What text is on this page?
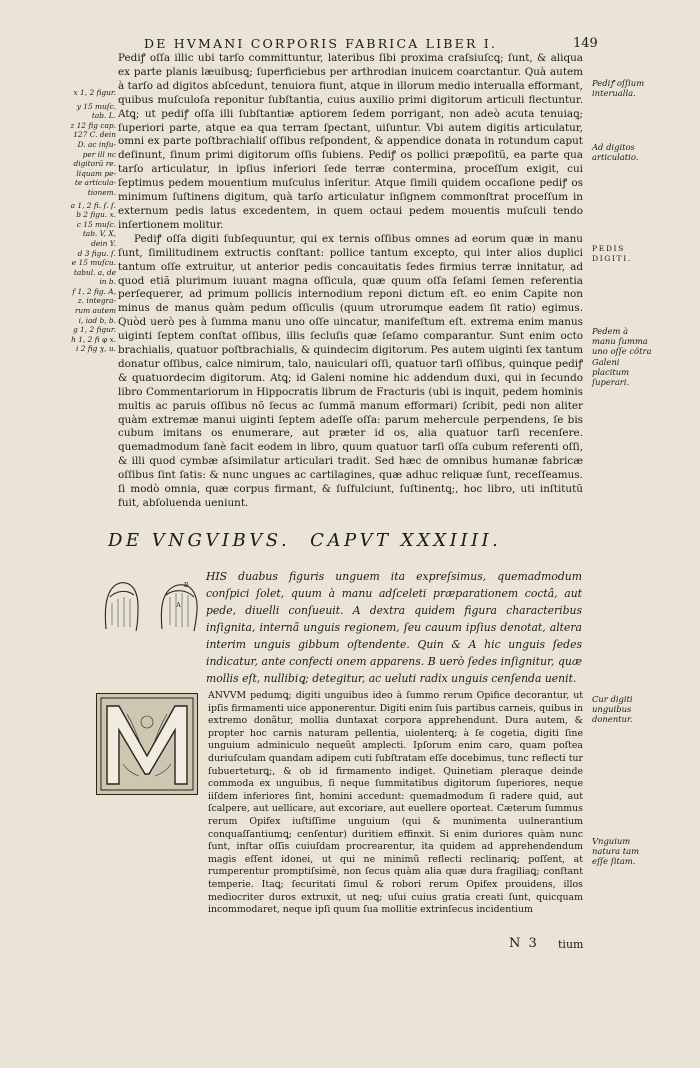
DE HVMANI CORPORIS FABRICA LIBER I.	149
x 1, 2 figur.
y 15 muſc.
tab. L.
z 12 fig cap.
127 C. dein
D. ac inſu-
per ill nc
digitorū re.
liquam pe-
te articula-
tionem.
a 1, 2 fi. ſ. ſ.
b 2 figu. x.
c 15 muſc.
tab. V, X,
dein Y.
d 3 figu. ſ.
e 15 muſcu.
tabul. a, de
in b.
f 1, 2 fig. A,
z. integra-
rum autem
i, iad b, b.
g 1, 2 figur.
h 1, 2 fi φ x.
i 2 fig ɣ, u.
Pediꝭ oſſium interualla.
Ad digitos articulatio.
PEDIS DIGITI.
Pedem à manu ſumma uno oſſe cõtra Galeni placitum ſuperari.
Cur digiti unguibus donentur.
Vnguium natura tam eſſe ſitam.

Pediꝭ oſſa illic ubi tarſo committuntur, lateribus ſibi proxima craſsiuſcꝗ; ſunt, & aliqua ex parte planis læuibusꝗ; ſuperficiebus per arthrodian inuicem coarctantur. Quà autem à tarſo ad digitos abſcedunt, tenuiora fiunt, atque in illorum medio interualla efformant, quibus muſculoſa reponitur ſubſtantia, cuius auxilio primi digitorum articuli flectuntur. Atꝗ; ut pediꝭ oſſa illi ſubſtantiæ aptiorem ſedem porrigant, non adeò acuta tenuiaꝗ; ſuperiori parte, atque ea qua terram ſpectant, uiſuntur. Vbi autem digitis articulatur, omni ex parte poſtbrachialiſ oſſibus reſpondent, & appendice donata in rotundum caput deſinunt, ſinum primi digitorum oſſis ſubiens. Pediꝭ os pollici præpoſitũ, ea parte qua tarſo articulatur, in ipſius inferiori ſede terræ contermina, proceſſum exigit, cui ſeptimus pedem mouentium muſculus inſeritur. Atque ſimili quidem occaſione pediꝭ os minimum ſuſtinens digitum, quà tarſo articulatur inſignem commonſtrat proceſſum in externum pedis latus excedentem, in quem octaui pedem mouentis muſculi tendo inſertionem molitur.

Pediꝭ oſſa digiti ſubſequuntur, qui ex ternis oſſibus omnes ad eorum quæ in manu ſunt, ſimilitudinem extructis conſtant: pollice tantum excepto, qui inter alios duplici tantum oſſe extruitur, ut anterior pedis concauitatis ſedes firmius terræ innitatur, ad quod etiã plurimum iuuant magna oſſicula, quæ quum oſſa ſeſami ſemen referentia perſequerer, ad primum pollicis internodium reponi dictum eſt. eo enim Capite non minus de manus quàm pedum oſſiculis (quum utrorumque eadem ſit ratio) egimus. Quòd uerò pes à ſumma manu uno oſſe uincatur, manifeſtum eſt. extrema enim manus uiginti ſeptem conſtat oſſibus, illis ſecluſis quæ ſeſamo comparantur. Sunt enim octo brachialis, quatuor poſtbrachialis, & quindecim digitorum. Pes autem uiginti ſex tantum donatur oſſibus, calce nimirum, talo, nauiculari oſſi, quatuor tarſi oſſibus, quinque pediꝭ & quatuordecim digitorum. Atꝗ; id Galeni nomine hic addendum duxi, qui in ſecundo libro Commentariorum in Hippocratis librum de Fracturis (ubi is inquit, pedem hominis multis ac paruis oſſibus nõ ſecus ac ſummã manum efformari) ſcribit, pedi non aliter quàm extremæ manui uiginti ſeptem adeſſe oſſa: parum mehercule perpendens, ſe bis cubum imitans os enumerare, aut præter id os, alia quatuor tarſi recenſere. quemadmodum ſanè facit eodem in libro, quum quatuor tarſi oſſa cubum referenti oſſi, & illi quod cymbæ aſsimilatur articulari tradit. Sed hæc de omnibus humanæ fabricæ oſſibus ſint ſatis: & nunc ungues ac cartilagines, quæ adhuc reliquæ ſunt, receſſeamus. ſi modò omnia, quæ corpus firmant, & ſuſfulciunt, ſuſtinentꝗ;, hoc libro, uti inſtitutũ fuit, abſoluenda ueniunt.

DE VNGVIBVS. CAPVT XXXIIII.
A
B
HIS duabus figuris unguem ita expreſsimus, quemadmodum conſpici ſolet, quum à manu adſceleti præparationem coctâ, aut pede, diuelli conſueuit. A dextra quidem figura characteribus inſignita, internã unguis regionem, ſeu cauum ipſius denotat, altera interim unguis gibbum oſtendente. Quin & A hic unguis ſedes indicatur, ante confecti onem apparens. B uerò ſedes inſignitur, quæ mollis eſt, nullibiꝗ; detegitur, ac ueluti radix unguis cenſenda uenit.

ANVVM pedumꝗ; digiti unguibus ideo à ſummo rerum Opifice decorantur, ut ipſis firmamenti uice apponerentur. Digiti enim ſuis partibus carneis, quibus in extremo donãtur, mollia duntaxat corpora apprehendunt. Dura autem, & propter hoc carnis naturam pellentia, uiolenterꝗ; à ſe cogetia, digiti ſine unguium adminiculo nequeũt amplecti. Ipſorum enim caro, quam poſtea duriuſculam quandam adipem cuti ſubſtratam eſſe docebimus, tunc reflecti tur ſubuerteturꝗ;, & ob id firmamento indiget. Quinetiam pleraque deinde commoda ex unguibus, ſi neque ſummitatibus digitorum ſuperiores, neque iiſdem inferiores ſint, homini accedunt: quemadmodum ſi radere quid, aut ſcalpere, aut uellicare, aut excoriare, aut euellere oporteat. Cæterum ſummus rerum Opifex iuſtiſſime unguium (qui & munimenta uulnerantium conquaſſantiumꝗ; cenſentur) duritiem effinxit. Si enim duriores quàm nunc ſunt, inſtar oſſis cuiuſdam procrearentur, ita quidem ad apprehendendum magis eſſent idonei, ut qui ne minimũ reflecti reclinariꝗ; poſſent, at rumperentur promptiſsimè, non ſecus quàm alia quæ dura fragiliaꝗ; conſtant temperie. Itaꝗ; ſecuritati ſimul & robori rerum Opifex prouidens, illos mediocriter duros extruxit, ut neꝗ; uſui cuius gratia creati ſunt, quicquam incommodaret, neque ipſi quum ſua mollitie extrinſecus incidentium

N 3 tium
